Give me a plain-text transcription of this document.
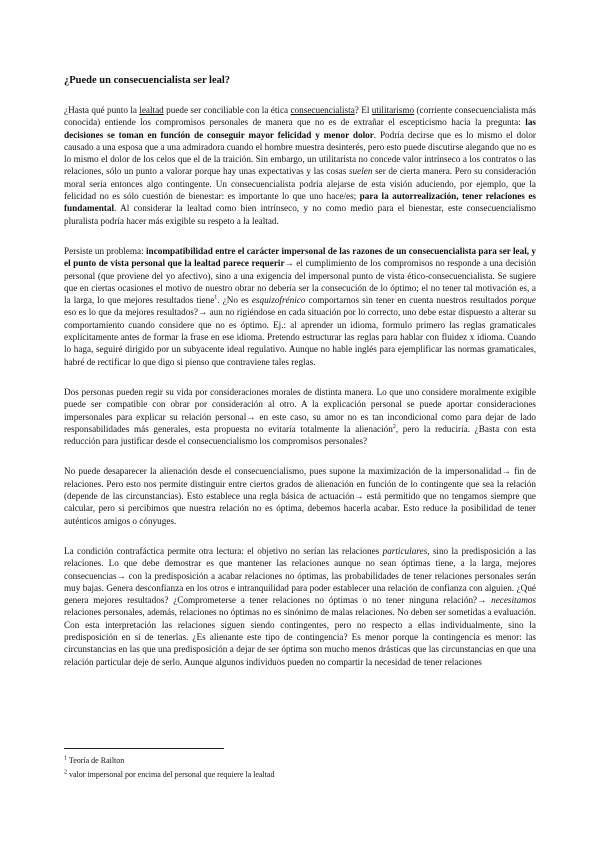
¿Puede un consecuencialista ser leal?

¿Hasta qué punto la lealtad puede ser conciliable con la ética consecuencialista? El utilitarismo (corriente consecuencialista más conocida) entiende los compromisos personales de manera que no es de extrañar el escepticismo hacia la pregunta: las decisiones se toman en función de conseguir mayor felicidad y menor dolor. Podría decirse que es lo mismo el dolor causado a una esposa que a una admiradora cuando el hombre muestra desinterés, pero esto puede discutirse alegando que no es lo mismo el dolor de los celos que el de la traición. Sin embargo, un utilitarista no concede valor intrínseco a los contratos o las relaciones, sólo un punto a valorar porque hay unas expectativas y las cosas suelen ser de cierta manera. Pero su consideración moral sería entonces algo contingente. Un consecuencialista podría alejarse de esta visión aduciendo, por ejemplo, que la felicidad no es sólo cuestión de bienestar: es importante lo que uno hace/es; para la autorrealización, tener relaciones es fundamental. Al considerar la lealtad como bien intrínseco, y no como medio para el bienestar, este consecuencialismo pluralista podría hacer más exigible su respeto a la lealtad.

Persiste un problema: incompatibilidad entre el carácter impersonal de las razones de un consecuencialista para ser leal, y el punto de vista personal que la lealtad parece requerir→ el cumplimiento de los compromisos no responde a una decisión personal (que proviene del yo afectivo), sino a una exigencia del impersonal punto de vista ético-consecuencialista. Se sugiere que en ciertas ocasiones el motivo de nuestro obrar no debería ser la consecución de lo óptimo; el no tener tal motivación es, a la larga, lo que mejores resultados tiene$^1$. ¿No es esquizofrénico comportarnos sin tener en cuenta nuestros resultados porque eso es lo que da mejores resultados?→ aun no rigiéndose en cada situación por lo correcto, uno debe estar dispuesto a alterar su comportamiento cuando considere que no es óptimo. Ej.: al aprender un idioma, formulo primero las reglas gramaticales explícitamente antes de formar la frase en ese idioma. Pretendo estructurar las reglas para hablar con fluidez x idioma. Cuando lo haga, seguiré dirigido por un subyacente ideal regulativo. Aunque no hable inglés para ejemplificar las normas gramaticales, habré de rectificar lo que digo si pienso que contraviene tales reglas.

Dos personas pueden regir su vida por consideraciones morales de distinta manera. Lo que uno considere moralmente exigible puede ser compatible con obrar por consideración al otro. A la explicación personal se puede aportar consideraciones impersonales para explicar su relación personal→ en este caso, su amor no es tan incondicional como para dejar de lado responsabilidades más generales, esta propuesta no evitaría totalmente la alienación$^2$, pero la reduciría. ¿Basta con esta reducción para justificar desde el consecuencialismo los compromisos personales?

No puede desaparecer la alienación desde el consecuencialismo, pues supone la maximización de la impersonalidad→ fin de relaciones. Pero esto nos permite distinguir entre ciertos grados de alienación en función de lo contingente que sea la relación (depende de las circunstancias). Esto establece una regla básica de actuación→ está permitido que no tengamos siempre que calcular, pero si percibimos que nuestra relación no es óptima, debemos hacerla acabar. Esto reduce la posibilidad de tener auténticos amigos o cónyuges.

La condición contrafáctica permite otra lectura: el objetivo no serían las relaciones particulares, sino la predisposición a las relaciones. Lo que debe demostrar es que mantener las relaciones aunque no sean óptimas tiene, a la larga, mejores consecuencias→ con la predisposición a acabar relaciones no óptimas, las probabilidades de tener relaciones personales serán muy bajas. Genera desconfianza en los otros e intranquilidad para poder establecer una relación de confianza con alguien. ¿Qué genera mejores resultados? ¿Comprometerse a tener relaciones no óptimas o no tener ninguna relación?→ necesitamos relaciones personales, además, relaciones no óptimas no es sinónimo de malas relaciones. No deben ser sometidas a evaluación. Con esta interpretación las relaciones siguen siendo contingentes, pero no respecto a ellas individualmente, sino la predisposición en sí de tenerlas. ¿Es alienante este tipo de contingencia? Es menor porque la contingencia es menor: las circunstancias en las que una predisposición a dejar de ser óptima son mucho menos drásticas que las circunstancias en que una relación particular deje de serlo. Aunque algunos individuos pueden no compartir la necesidad de tener relaciones

$^1$ Teoría de Railton
$^2$ valor impersonal por encima del personal que requiere la lealtad
